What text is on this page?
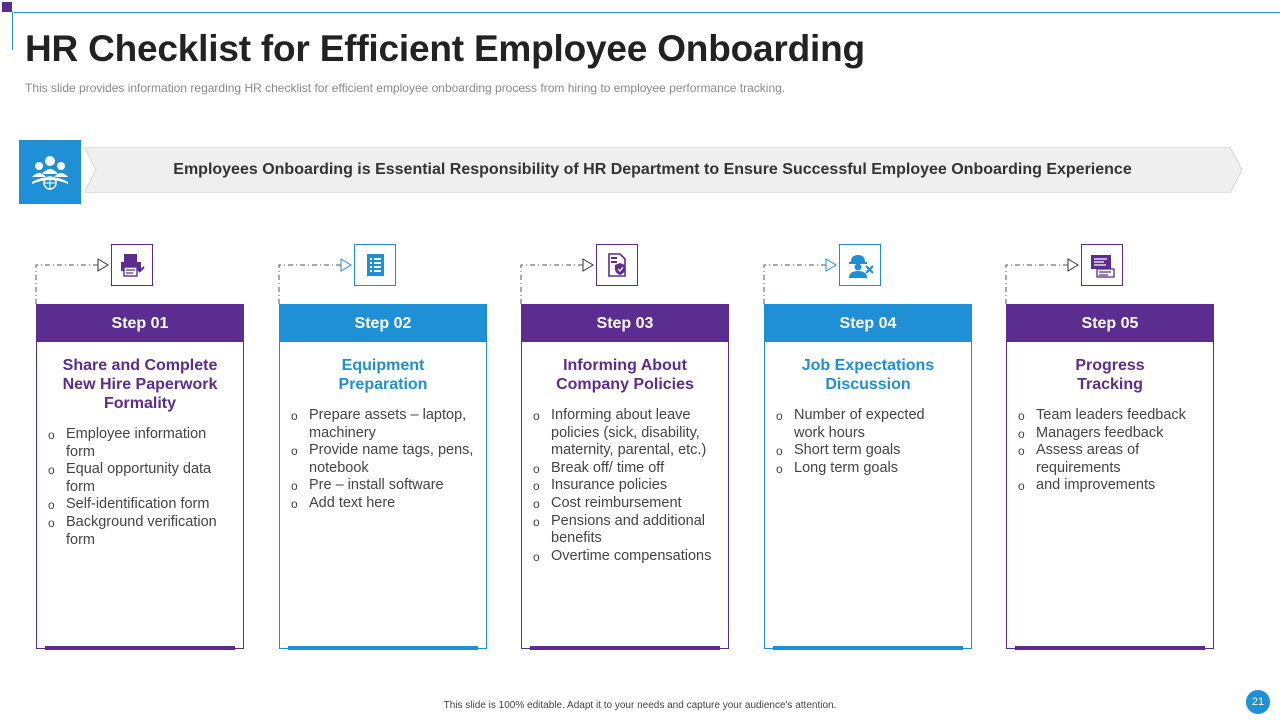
HR Checklist for Efficient Employee Onboarding

This slide provides information regarding HR checklist for efficient employee onboarding process from hiring to employee performance tracking.

Employees Onboarding is Essential Responsibility of HR Department to Ensure Successful Employee Onboarding Experience
Step 01
Share and Complete New Hire Paperwork Formality
o Employee information form
o Equal opportunity data form
o Self-identification form
o Background verification form
Step 02
Equipment Preparation
o Prepare assets – laptop, machinery
o Provide name tags, pens, notebook
o Pre – install software
o Add text here
Step 03
Informing About Company Policies
o Informing about leave policies (sick, disability, maternity, parental, etc.)
o Break off/ time off
o Insurance policies
o Cost reimbursement
o Pensions and additional benefits
o Overtime compensations
Step 04
Job Expectations Discussion
o Number of expected work hours
o Short term goals
o Long term goals
Step 05
Progress Tracking
o Team leaders feedback
o Managers feedback
o Assess areas of requirements
o and improvements
This slide is 100% editable. Adapt it to your needs and capture your audience's attention.	21
